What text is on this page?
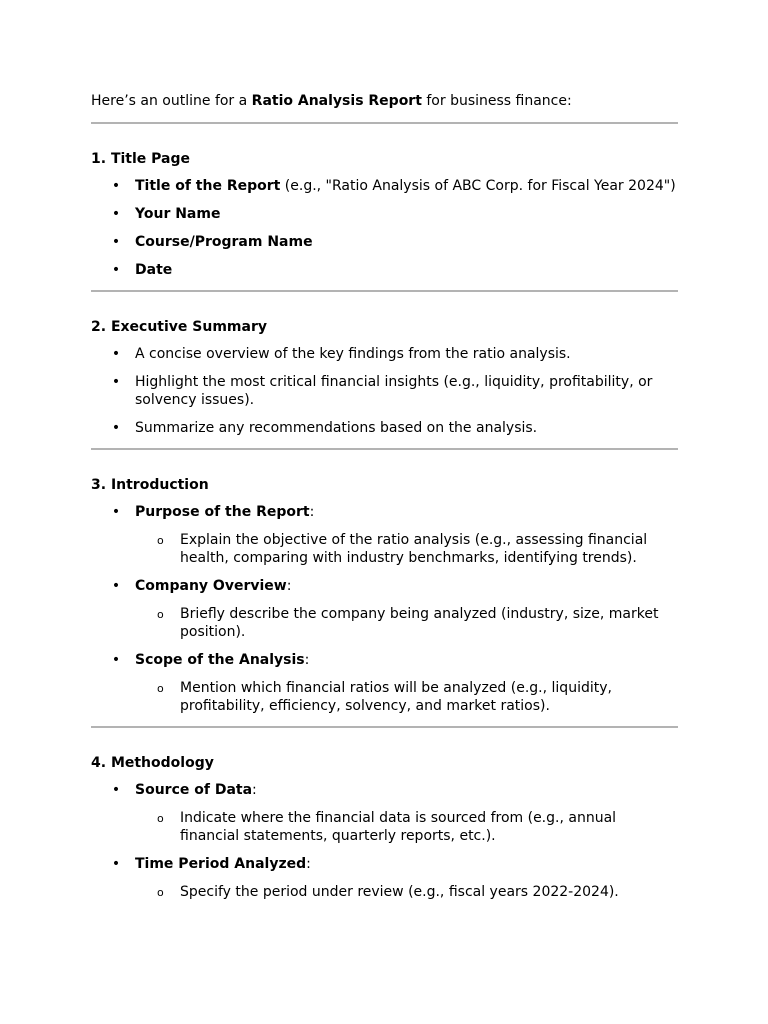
Here’s an outline for a Ratio Analysis Report for business finance:

1. Title Page
• Title of the Report (e.g., "Ratio Analysis of ABC Corp. for Fiscal Year 2024")
• Your Name
• Course/Program Name
• Date
2. Executive Summary
• A concise overview of the key findings from the ratio analysis.
• Highlight the most critical financial insights (e.g., liquidity, profitability, or solvency issues).
• Summarize any recommendations based on the analysis.
3. Introduction
• Purpose of the Report:
o Explain the objective of the ratio analysis (e.g., assessing financial health, comparing with industry benchmarks, identifying trends).
• Company Overview:
o Briefly describe the company being analyzed (industry, size, market position).
• Scope of the Analysis:
o Mention which financial ratios will be analyzed (e.g., liquidity, profitability, efficiency, solvency, and market ratios).
4. Methodology
• Source of Data:
o Indicate where the financial data is sourced from (e.g., annual financial statements, quarterly reports, etc.).
• Time Period Analyzed:
o Specify the period under review (e.g., fiscal years 2022-2024).
